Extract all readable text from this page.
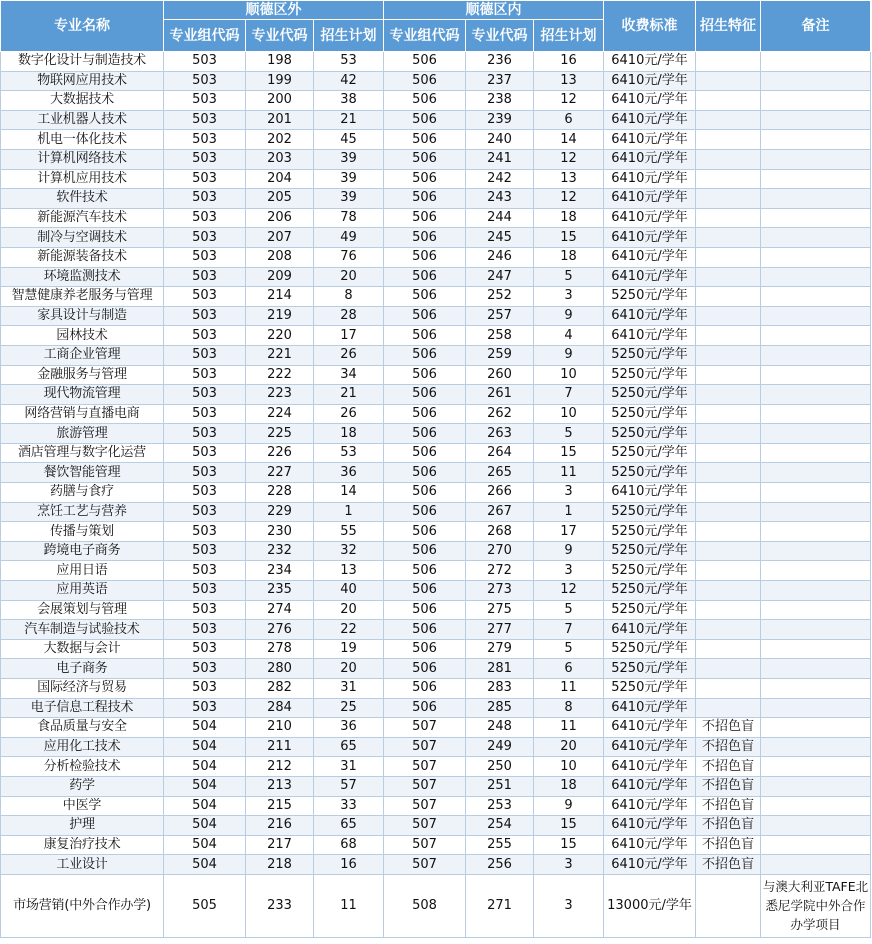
专业名称	顺德区外			顺德区内			收费标准	招生特征	备注
	专业组代码	专业代码	招生计划	专业组代码	专业代码	招生计划			
数字化设计与制造技术	503	198	53	506	236	16	6410元/学年		
物联网应用技术	503	199	42	506	237	13	6410元/学年		
大数据技术	503	200	38	506	238	12	6410元/学年		
工业机器人技术	503	201	21	506	239	6	6410元/学年		
机电一体化技术	503	202	45	506	240	14	6410元/学年		
计算机网络技术	503	203	39	506	241	12	6410元/学年		
计算机应用技术	503	204	39	506	242	13	6410元/学年		
软件技术	503	205	39	506	243	12	6410元/学年		
新能源汽车技术	503	206	78	506	244	18	6410元/学年		
制冷与空调技术	503	207	49	506	245	15	6410元/学年		
新能源装备技术	503	208	76	506	246	18	6410元/学年		
环境监测技术	503	209	20	506	247	5	6410元/学年		
智慧健康养老服务与管理	503	214	8	506	252	3	5250元/学年		
家具设计与制造	503	219	28	506	257	9	6410元/学年		
园林技术	503	220	17	506	258	4	6410元/学年		
工商企业管理	503	221	26	506	259	9	5250元/学年		
金融服务与管理	503	222	34	506	260	10	5250元/学年		
现代物流管理	503	223	21	506	261	7	5250元/学年		
网络营销与直播电商	503	224	26	506	262	10	5250元/学年		
旅游管理	503	225	18	506	263	5	5250元/学年		
酒店管理与数字化运营	503	226	53	506	264	15	5250元/学年		
餐饮智能管理	503	227	36	506	265	11	5250元/学年		
药膳与食疗	503	228	14	506	266	3	6410元/学年		
烹饪工艺与营养	503	229	1	506	267	1	5250元/学年		
传播与策划	503	230	55	506	268	17	5250元/学年		
跨境电子商务	503	232	32	506	270	9	5250元/学年		
应用日语	503	234	13	506	272	3	5250元/学年		
应用英语	503	235	40	506	273	12	5250元/学年		
会展策划与管理	503	274	20	506	275	5	5250元/学年		
汽车制造与试验技术	503	276	22	506	277	7	6410元/学年		
大数据与会计	503	278	19	506	279	5	5250元/学年		
电子商务	503	280	20	506	281	6	5250元/学年		
国际经济与贸易	503	282	31	506	283	11	5250元/学年		
电子信息工程技术	503	284	25	506	285	8	6410元/学年		
食品质量与安全	504	210	36	507	248	11	6410元/学年	不招色盲	
应用化工技术	504	211	65	507	249	20	6410元/学年	不招色盲	
分析检验技术	504	212	31	507	250	10	6410元/学年	不招色盲	
药学	504	213	57	507	251	18	6410元/学年	不招色盲	
中医学	504	215	33	507	253	9	6410元/学年	不招色盲	
护理	504	216	65	507	254	15	6410元/学年	不招色盲	
康复治疗技术	504	217	68	507	255	15	6410元/学年	不招色盲	
工业设计	504	218	16	507	256	3	6410元/学年	不招色盲	
市场营销(中外合作办学)	505	233	11	508	271	3	13000元/学年		与澳大利亚TAFE北悉尼学院中外合作办学项目
